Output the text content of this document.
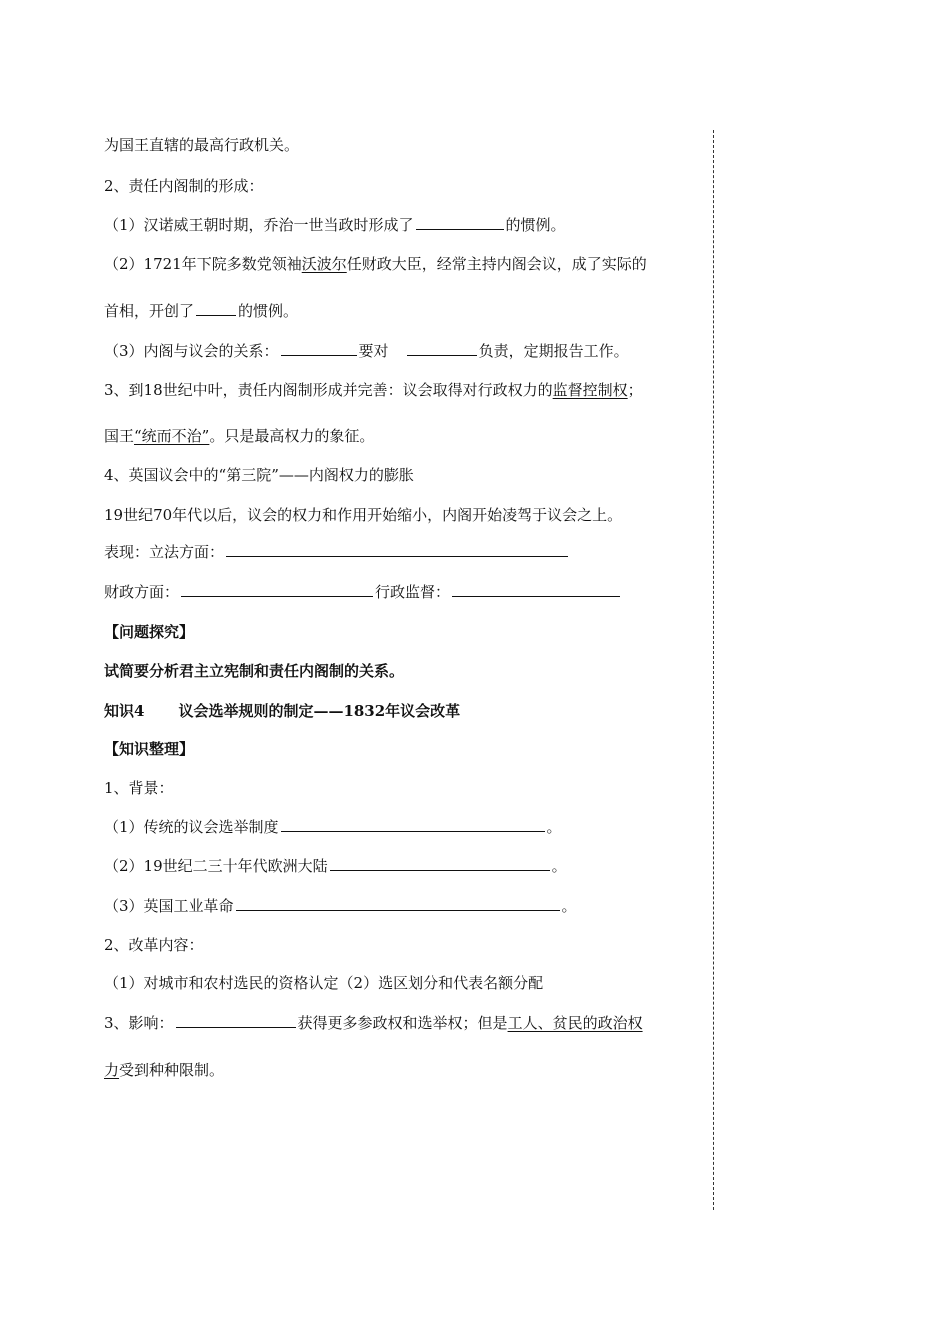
为国王直辖的最高行政机关。
2、责任内阁制的形成：
（1）汉诺威王朝时期，乔治一世当政时形成了	的惯例。
（2）1721年下院多数党领袖沃波尔任财政大臣，经常主持内阁会议，成了实际的
首相，开创了	的惯例。
（3）内阁与议会的关系：	要对	负责，定期报告工作。
3、到18世纪中叶，责任内阁制形成并完善：议会取得对行政权力的监督控制权；
国王“统而不治”。只是最高权力的象征。
4、英国议会中的“第三院”——内阁权力的膨胀
19世纪70年代以后，议会的权力和作用开始缩小，内阁开始凌驾于议会之上。
表现：立法方面：
财政方面：	行政监督：
【问题探究】
试简要分析君主立宪制和责任内阁制的关系。
知识4 议会选举规则的制定——1832年议会改革
【知识整理】
1、背景：
（1）传统的议会选举制度	。
（2）19世纪二三十年代欧洲大陆	。
（3）英国工业革命	。
2、改革内容：
（1）对城市和农村选民的资格认定（2）选区划分和代表名额分配
3、影响：	获得更多参政权和选举权；但是工人、贫民的政治权
力受到种种限制。
